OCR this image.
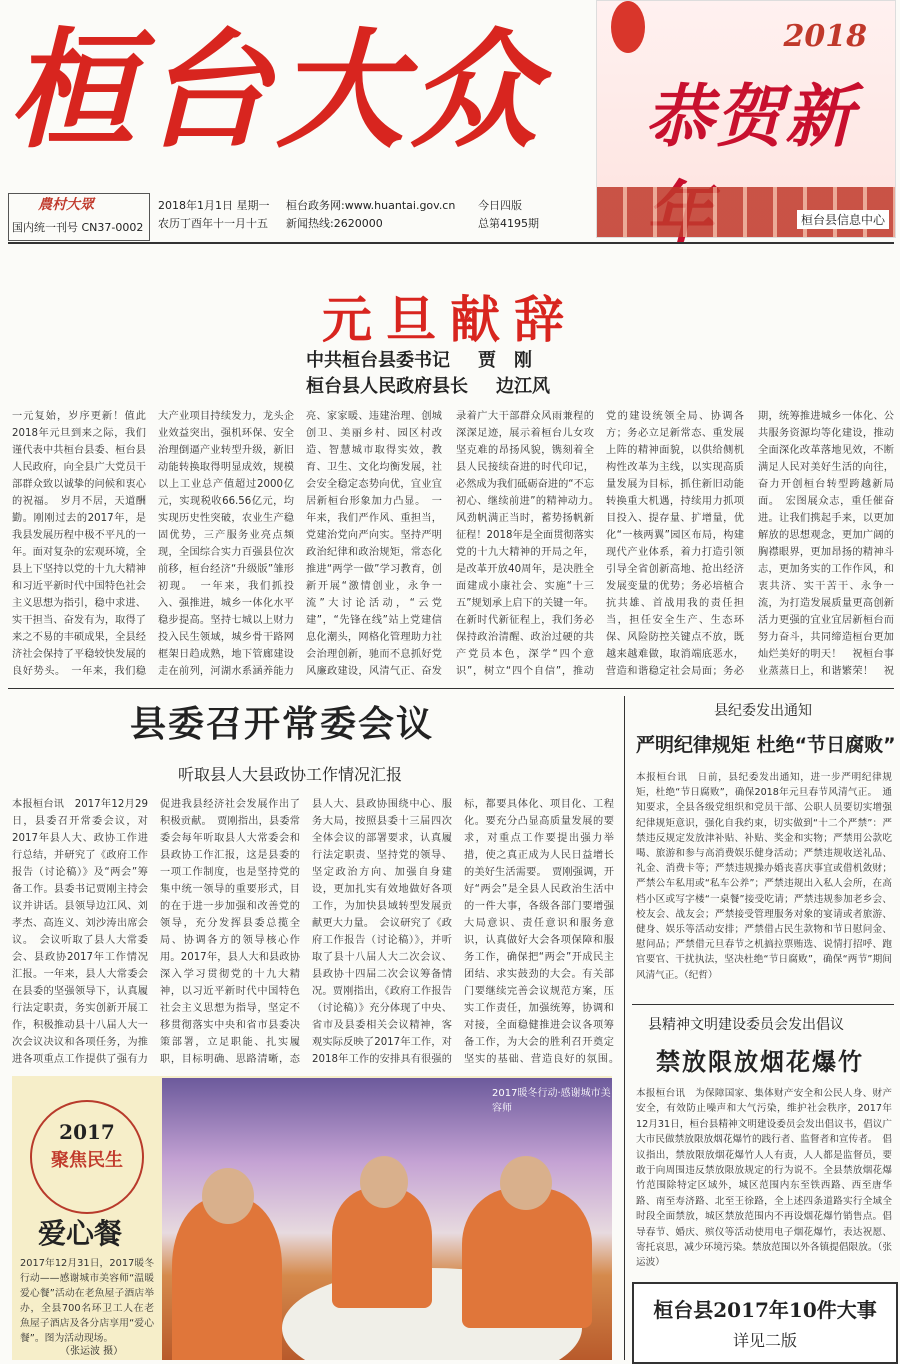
桓台大众	2018
恭贺新
桓台县信息中心
農村大眾
国内统一刊号 CN37-0002
2018年1月1日 星期一
农历丁酉年十一月十五
桓台政务网:www.huantai.gov.cn
新闻热线:2620000
今日四版
总第4195期
元旦献辞
中共桓台县委书记 贾　刚
桓台县人民政府县长 边江风
一元复始，岁序更新！值此2018年元旦到来之际，我们谨代表中共桓台县委、桓台县人民政府，向全县广大党员干部群众致以诚挚的问候和衷心的祝福。　岁月不居，天道酬勤。刚刚过去的2017年，是我县发展历程中极不平凡的一年。面对复杂的宏观环境，全县上下坚持以党的十九大精神和习近平新时代中国特色社会主义思想为指引，稳中求进、实干担当、奋发有为，取得了来之不易的丰硕成果，全县经济社会保持了平稳较快发展的良好势头。　一年来，我们稳
大产业项目持续发力，龙头企业效益突出，强机环保、安全治理倒逼产业转型升级，新旧动能转换取得明显成效，规模以上工业总产值超过2000亿元，实现税收66.56亿元，均实现历史性突破，农业生产稳固优势，三产服务业亮点频现，全国综合实力百强县位次前移，桓台经济“升级版”雏形初现。　一年来，我们抓投入、强推进，城乡一体化水平稳步提高。坚持七城以上财力投入民生领域，城乡骨干路网框架日趋成熟，地下管廊建设走在前列，河湖水系涵养能力
亮、家家暖、违建治理、创城创卫、美丽乡村、园区村改造、智慧城市取得实效，教育、卫生、文化均衡发展，社会安全稳定态势向优，宜业宜居新桓台形象加力凸显。　一年来，我们严作风、重担当，党建治党向严向实。坚持严明政治纪律和政治规矩，常态化推进“两学一做”学习教育，创新开展“激情创业，永争一流”大讨论活动，“云党建”，“先锋在线”站上党建信息化潮头，网格化管理助力社会治理创新，驰而不息抓好党风廉政建设，风清气正、奋发　
录着广大干部群众风雨兼程的深深足迹，展示着桓台儿女攻坚克难的昂扬风貌，镌刻着全县人民接续奋进的时代印记，必然成为我们砥砺奋进的“不忘初心、继续前进”的精神动力。　风劲帆满正当时，蓄势扬帆新征程！2018年是全面贯彻落实党的十九大精神的开局之年，是改革开放40周年，是决胜全面建成小康社会、实施“十三五”规划承上启下的关键一年。在新时代新征程上，我们务必保持政治清醒、政治过硬的共产党员本色，深学“四个意识”，树立“四个自信”，推动
党的建设统领全局、协调各方；务必立足新常态、重发展上阵的精神面貌，以供给侧机构性改革为主线，以实现高质量发展为目标，抓住新旧动能转换重大机遇，持续用力抓项目投入、提存量、扩增量，优化“一核两翼”园区布局，构建现代产业体系，着力打造引领引导全省创新高地、抢出经济发展变量的优势；务必培植合抗共雄、首战用我的责任担当，担任安全生产、生态环保、风险防控关键点不放，既越来越难做，取消端底恶水，营造和谐稳定社会局面；务必
期，统筹推进城乡一体化、公共服务资源均等化建设，推动全面深化改革落地见效，不断满足人民对美好生活的向往，奋力开创桓台转型跨越新局面。　宏图展众志，重任催奋进。让我们携起手来，以更加解放的思想观念，更加广阔的胸襟眼界，更加昂扬的精神斗志，更加务实的工作作风，和衷共济、实干苦干、永争一流，为打造发展质量更高创新活力更强的宜业宜居新桓台而努力奋斗，共同缔造桓台更加灿烂美好的明天！　祝桓台事业蒸蒸日上，和谐繁荣！　祝
县委召开常委会议
听取县人大县政协工作情况汇报
本报桓台讯　2017年12月29日，县委召开常委会议，对2017年县人大、政协工作进行总结，并研究了《政府工作报告（讨论稿）》及“两会”筹备工作。县委书记贾刚主持会议并讲话。县领导边江风、刘孝杰、高连义、刘沙涛出席会议。　会议听取了县人大常委会、县政协2017年工作情况汇报。一年来，县人大常委会在县委的坚强领导下，认真履行法定职责，务实创新开展工作，积极推动县十八届人大一次会议决议和各项任务，为推进各项重点工作提供了强有力
促进我县经济社会发展作出了积极贡献。　贾刚指出，县委常委会每年听取县人大常委会和县政协工作汇报，这是县委的一项工作制度，也是坚持党的集中统一领导的重要形式，目的在于进一步加强和改善党的领导，充分发挥县委总揽全局、协调各方的领导核心作用。2017年，县人大和县政协深入学习贯彻党的十九大精神，以习近平新时代中国特色社会主义思想为指导，坚定不移贯彻落实中央和省市县委决策部署，立足职能、扎实履职，目标明确、思路清晰，态
县人大、县政协围绕中心、服务大局，按照县委十三届四次全体会议的部署要求，认真履行法定职责、坚持党的领导、坚定政治方向、加强自身建设，更加扎实有效地做好各项工作，为加快县域转型发展贡献更大力量。　会议研究了《政府工作报告（讨论稿）》，并听取了县十八届人大二次会议、县政协十四届二次会议筹备情况。贾刚指出，《政府工作报告（讨论稿）》充分体现了中央、省市及县委相关会议精神，客观实际反映了2017年工作，对2018年工作的安排具有很强的
标，都要具体化、项目化、工程化。要充分凸显高质量发展的要求，对重点工作要提出强力举措，使之真正成为人民日益增长的美好生活需要。　贾刚强调，开好“两会”是全县人民政治生活中的一件大事，各级各部门要增强大局意识、责任意识和服务意识，认真做好大会各项保障和服务工作，确保把“两会”开成民主团结、求实鼓劲的大会。有关部门要继续完善会议规范方案，压实工作责任，加强统筹，协调和对接，全面稳健推进会议各项筹备工作，为大会的胜利召开奠定坚实的基础、营造良好的氛围。　
县纪委发出通知
严明纪律规矩 杜绝“节日腐败”
本报桓台讯　日前，县纪委发出通知，进一步严明纪律规矩，杜绝“节日腐败”，确保2018年元旦春节风清气正。　通知要求，全县各级党组织和党员干部、公职人员要切实增强纪律规矩意识，强化自我约束，切实做到“十二个严禁”：严禁违反规定发放津补贴、补贴、奖金和实物；严禁用公款吃喝、旅游和参与高消费娱乐健身活动；严禁违规收送礼品、礼金、消费卡等；严禁违规操办婚丧喜庆事宜或借机敛财；严禁公车私用或“私车公养”；严禁违规出入私人会所，在高档小区或写字楼“一桌餐”接受吃请；严禁违规参加老乡会、校友会、战友会；严禁接受管理服务对象的宴请或者旅游、健身、娱乐等活动安排；严禁借占民生款物和节日慰问金、慰问品；严禁借元旦春节之机搞拉票贿选、说情打招呼、跑官要官、干扰执法，坚决杜绝“节日腐败”，确保“两节”期间风清气正。（纪哲）
县精神文明建设委员会发出倡议
禁放限放烟花爆竹
本报桓台讯　为保障国家、集体财产安全和公民人身、财产安全，有效防止噪声和大气污染，维护社会秩序，2017年12月31日，桓台县精神文明建设委员会发出倡议书，倡议广大市民做禁放限放烟花爆竹的践行者、监督者和宣传者。　倡议指出，禁放限放烟花爆竹人人有责，人人都是监督员，要敢于向周围违反禁放限放规定的行为说不。全县禁放烟花爆竹范围除特定区域外，城区范围内东至铁西路、西至唐华路、南至寿济路、北至王徐路，全上述四条道路实行全域全时段全面禁放，城区禁放范围内不再设烟花爆竹销售点。倡导春节、婚庆、殡仪等活动使用电子烟花爆竹，表达祝愿、寄托哀思，减少环境污染。禁放范围以外各镇提倡限放。（张运波）
2017
聚焦民生
爱心餐
2017年12月31日，2017暖冬行动——感谢城市美容师“温暖爱心餐”活动在老魚屋子酒店举办，全县700名环卫工人在老魚屋子酒店及各分店享用“爱心餐”。图为活动现场。
（张运波 摄）
2017暖冬行动·感谢城市美容师
桓台县2017年10件大事
详见二版
